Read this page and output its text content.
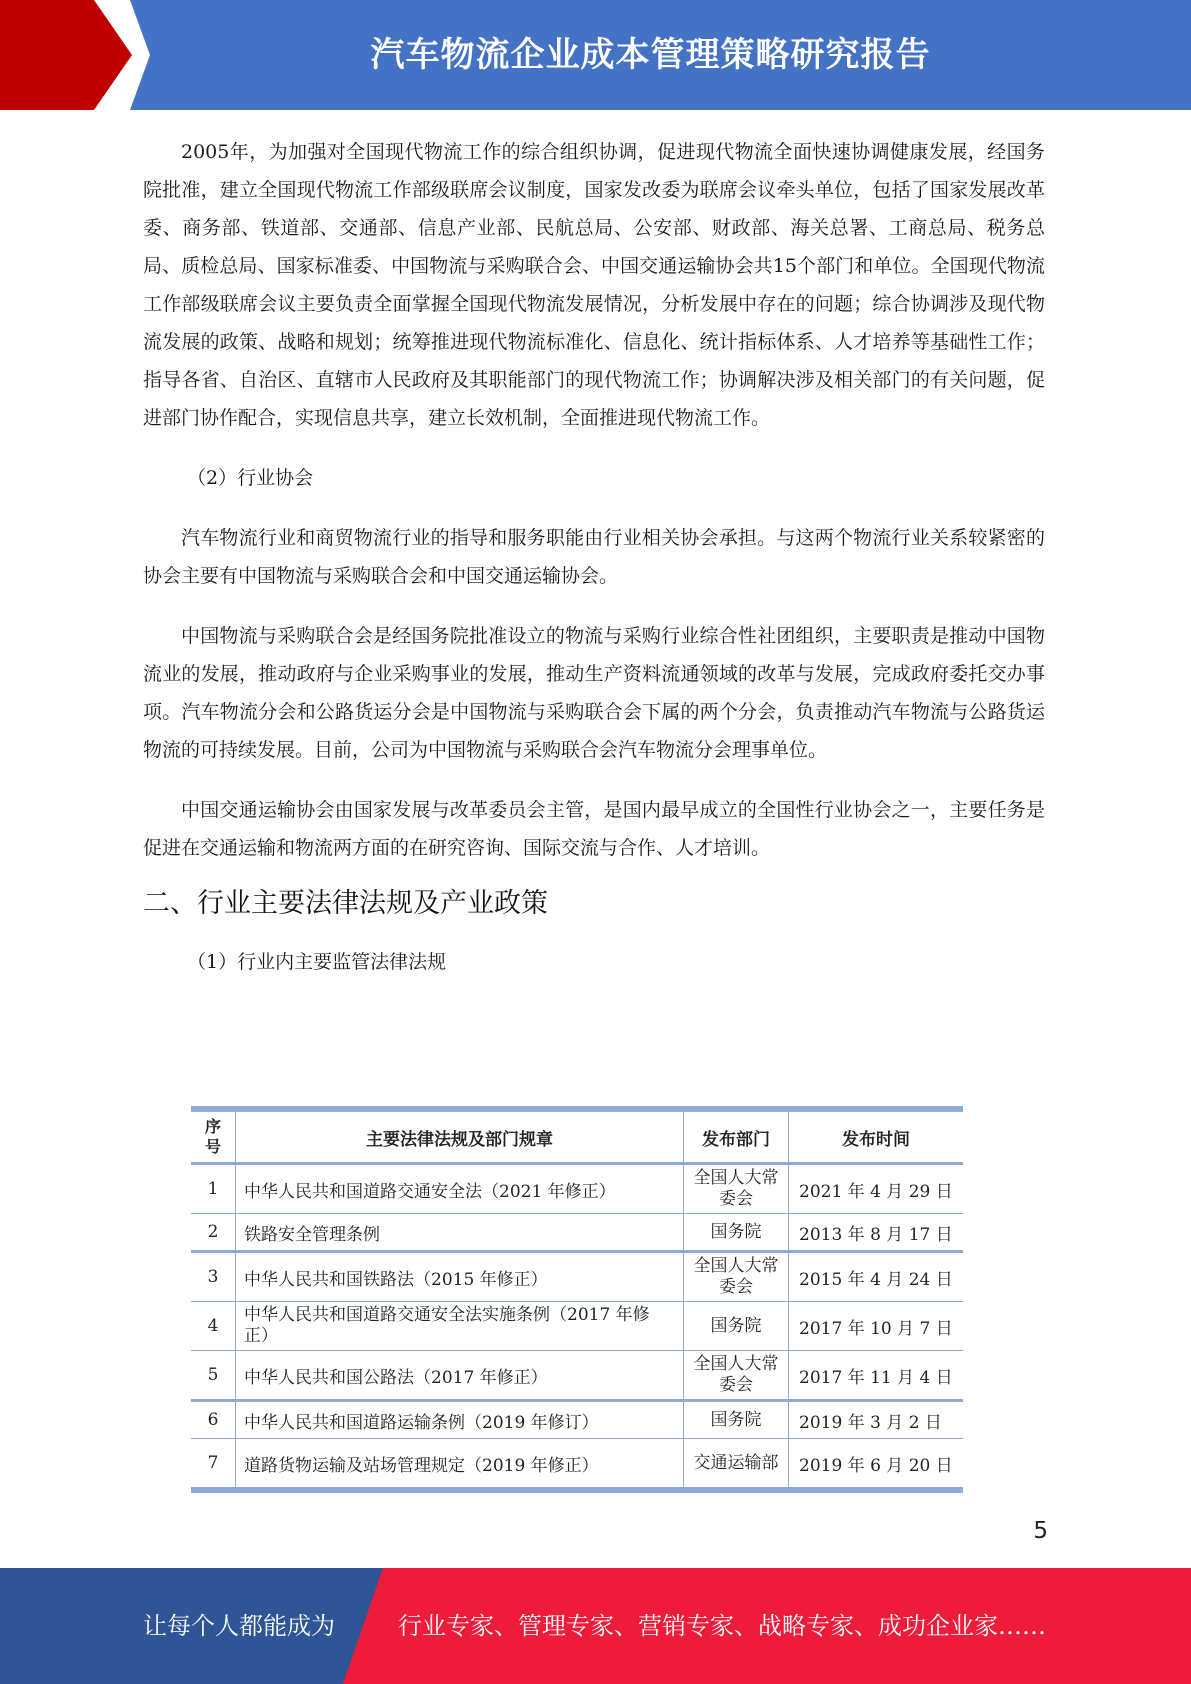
汽车物流企业成本管理策略研究报告

2005年，为加强对全国现代物流工作的综合组织协调，促进现代物流全面快速协调健康发展，经国务院批准，建立全国现代物流工作部级联席会议制度，国家发改委为联席会议牵头单位，包括了国家发展改革委、商务部、铁道部、交通部、信息产业部、民航总局、公安部、财政部、海关总署、工商总局、税务总局、质检总局、国家标准委、中国物流与采购联合会、中国交通运输协会共15个部门和单位。全国现代物流工作部级联席会议主要负责全面掌握全国现代物流发展情况，分析发展中存在的问题；综合协调涉及现代物流发展的政策、战略和规划；统筹推进现代物流标准化、信息化、统计指标体系、人才培养等基础性工作；指导各省、自治区、直辖市人民政府及其职能部门的现代物流工作；协调解决涉及相关部门的有关问题，促进部门协作配合，实现信息共享，建立长效机制，全面推进现代物流工作。

（2）行业协会

汽车物流行业和商贸物流行业的指导和服务职能由行业相关协会承担。与这两个物流行业关系较紧密的协会主要有中国物流与采购联合会和中国交通运输协会。

中国物流与采购联合会是经国务院批准设立的物流与采购行业综合性社团组织，主要职责是推动中国物流业的发展，推动政府与企业采购事业的发展，推动生产资料流通领域的改革与发展，完成政府委托交办事项。汽车物流分会和公路货运分会是中国物流与采购联合会下属的两个分会，负责推动汽车物流与公路货运物流的可持续发展。目前，公司为中国物流与采购联合会汽车物流分会理事单位。

中国交通运输协会由国家发展与改革委员会主管，是国内最早成立的全国性行业协会之一，主要任务是促进在交通运输和物流两方面的在研究咨询、国际交流与合作、人才培训。

二、行业主要法律法规及产业政策

（1）行业内主要监管法律法规

序号	主要法律法规及部门规章	发布部门	发布时间
1	中华人民共和国道路交通安全法（2021 年修正）	全国人大常委会	2021 年 4 月 29 日
2	铁路安全管理条例	国务院	2013 年 8 月 17 日
3	中华人民共和国铁路法（2015 年修正）	全国人大常委会	2015 年 4 月 24 日
4	中华人民共和国道路交通安全法实施条例（2017 年修正）	国务院	2017 年 10 月 7 日
5	中华人民共和国公路法（2017 年修正）	全国人大常委会	2017 年 11 月 4 日
6	中华人民共和国道路运输条例（2019 年修订）	国务院	2019 年 3 月 2 日
7	道路货物运输及站场管理规定（2019 年修正）	交通运输部	2019 年 6 月 20 日
5
让每个人都能成为	行业专家、管理专家、营销专家、战略专家、成功企业家……
